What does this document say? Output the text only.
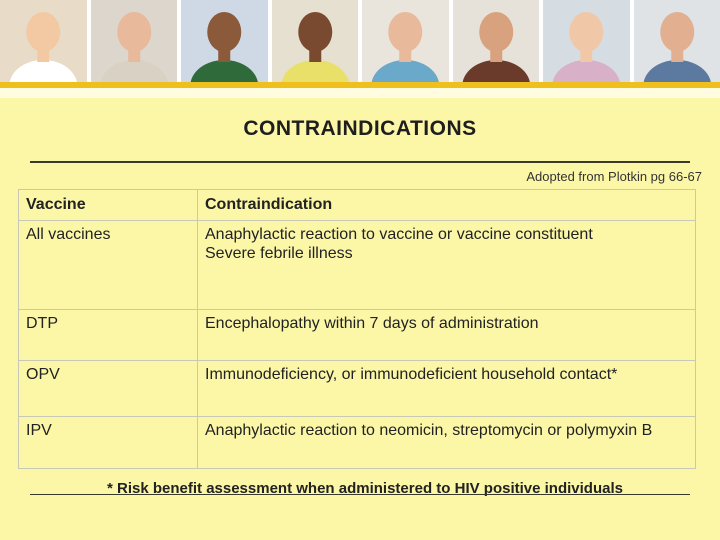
CONTRAINDICATIONS
Adopted from Plotkin pg 66-67
Vaccine	Contraindication
All vaccines	Anaphylactic reaction to vaccine or vaccine constituent
Severe febrile illness

DTP	Encephalopathy within 7 days of administration

OPV	Immunodeficiency, or immunodeficient household contact*

IPV	Anaphylactic reaction to neomicin, streptomycin or polymyxin B
* Risk benefit assessment when administered to HIV positive individuals
